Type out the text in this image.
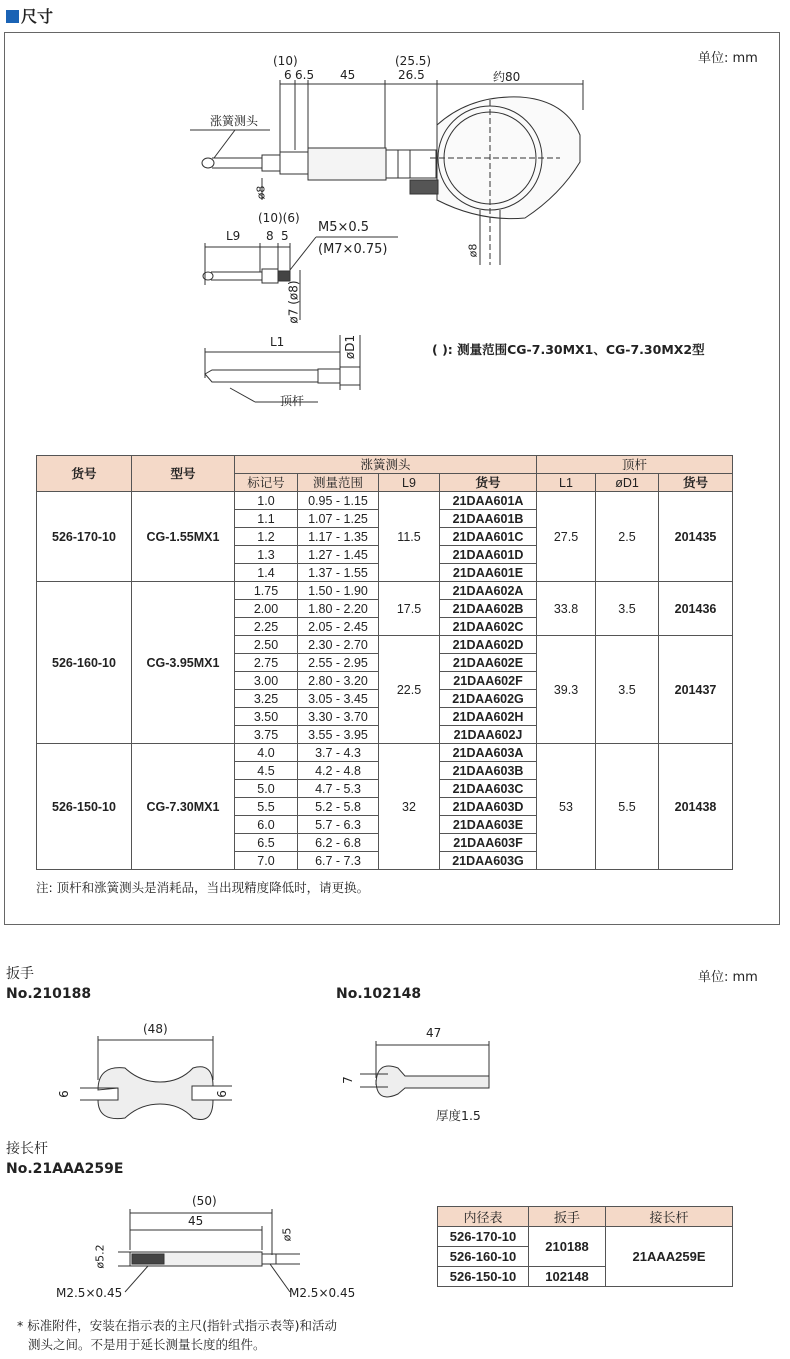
尺寸
单位: mm
(10)
6 6.5 45
(25.5)
26.5	约80
涨簧测头
ø8
ø8
(10)(6)
L9 8 5
M5×0.5
(M7×0.75)
ø7 (ø8)
L1	øD1
顶杆
( ): 测量范围CG-7.30MX1、CG-7.30MX2型
货号	型号	涨簧测头				顶杆		
		标记号	测量范围	L9	货号	L1	øD1	货号
526-170-10	CG-1.55MX1	1.0	0.95 - 1.15	11.5	21DAA601A	27.5	2.5	201435
		1.1	1.07 - 1.25		21DAA601B			
		1.2	1.17 - 1.35		21DAA601C			
		1.3	1.27 - 1.45		21DAA601D			
		1.4	1.37 - 1.55		21DAA601E			
526-160-10	CG-3.95MX1	1.75	1.50 - 1.90	17.5	21DAA602A	33.8	3.5	201436
		2.00	1.80 - 2.20		21DAA602B			
		2.25	2.05 - 2.45		21DAA602C			
		2.50	2.30 - 2.70	22.5	21DAA602D	39.3	3.5	201437
		2.75	2.55 - 2.95		21DAA602E			
		3.00	2.80 - 3.20		21DAA602F			
		3.25	3.05 - 3.45		21DAA602G			
		3.50	3.30 - 3.70		21DAA602H			
		3.75	3.55 - 3.95		21DAA602J			
526-150-10	CG-7.30MX1	4.0	3.7 - 4.3	32	21DAA603A	53	5.5	201438
		4.5	4.2 - 4.8		21DAA603B			
		5.0	4.7 - 5.3		21DAA603C			
		5.5	5.2 - 5.8		21DAA603D			
		6.0	5.7 - 6.3		21DAA603E			
		6.5	6.2 - 6.8		21DAA603F			
		7.0	6.7 - 7.3		21DAA603G			
注: 顶杆和涨簧测头是消耗品，当出现精度降低时，请更换。
扳手	单位: mm
No.210188	No.102148
(48)
6	9
47
7
厚度1.5
接长杆
No.21AAA259E
(50)
45
ø5.2
ø5
M2.5×0.45	M2.5×0.45
* 标准附件，安装在指示表的主尺(指针式指示表等)和活动
测头之间。不是用于延长测量长度的组件。
内径表	扳手	接长杆
526-170-10	210188	21AAA259E
526-160-10		
526-150-10	102148	
